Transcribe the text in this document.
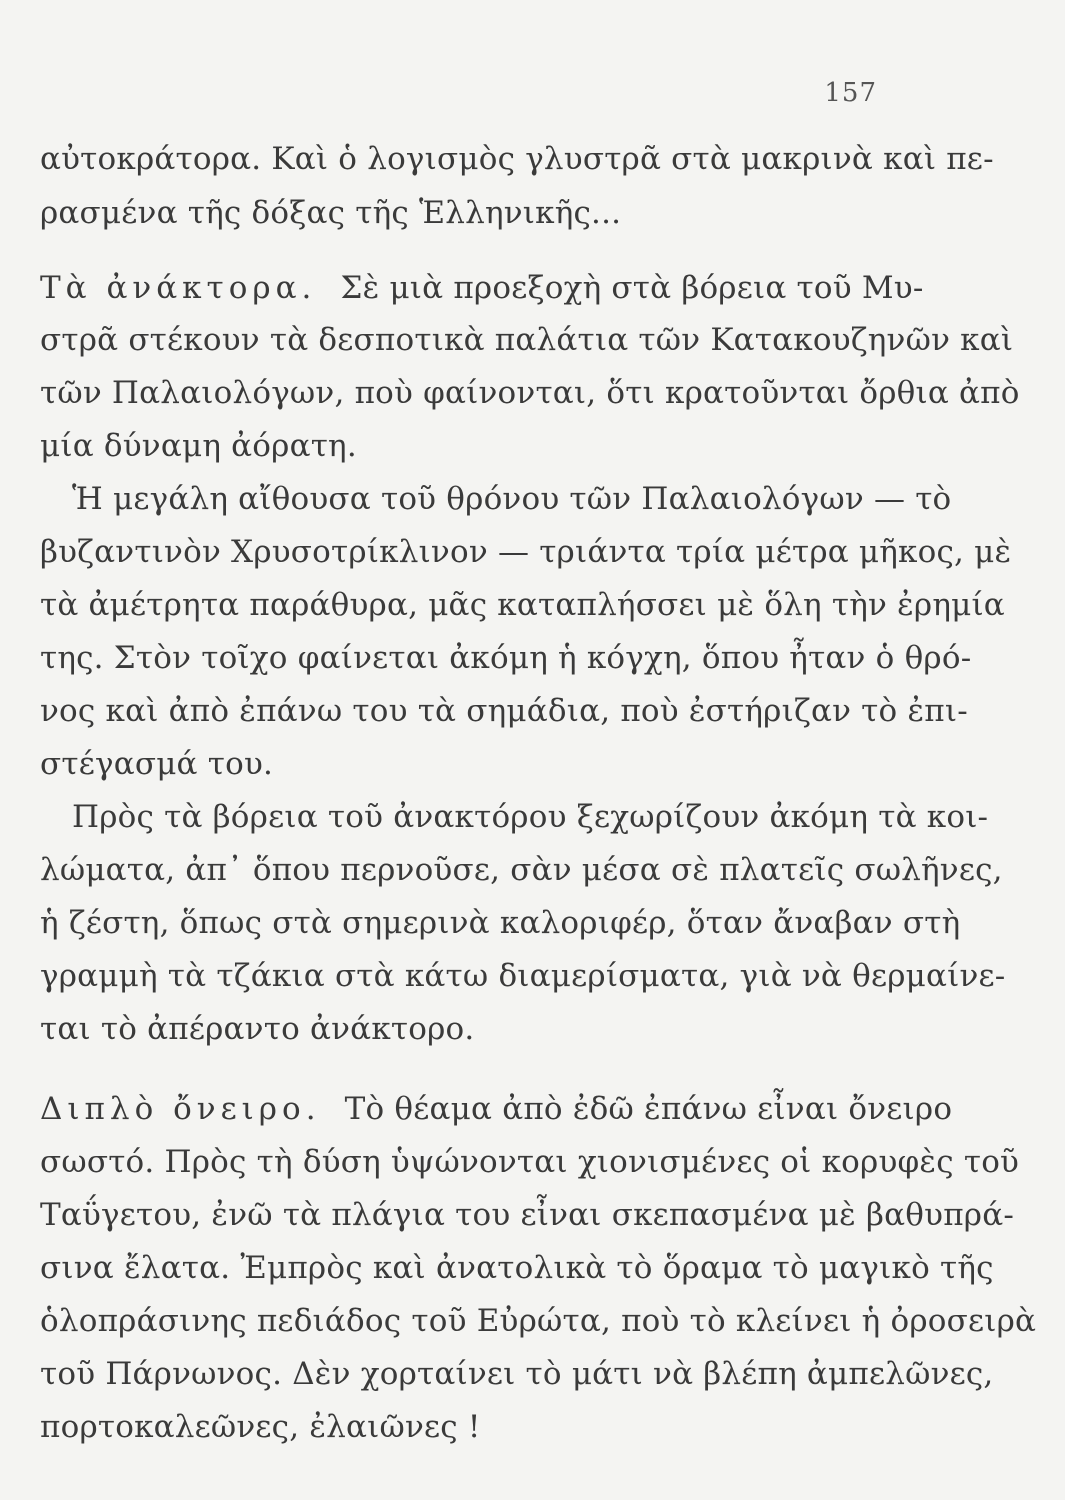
157
αὐτοκράτορα. Καὶ ὁ λογισμὸς γλυστρᾶ στὰ μακρινὰ καὶ πε-
ρασμένα τῆς δόξας τῆς Ἑλληνικῆς...
Τὰ ἀνάκτορα. Σὲ μιὰ προεξοχὴ στὰ βόρεια τοῦ Μυ-
στρᾶ στέκουν τὰ δεσποτικὰ παλάτια τῶν Κατακουζηνῶν καὶ
τῶν Παλαιολόγων, ποὺ φαίνονται, ὅτι κρατοῦνται ὄρθια ἀπὸ
μία δύναμη ἀόρατη.
Ἡ μεγάλη αἴθουσα τοῦ θρόνου τῶν Παλαιολόγων — τὸ
βυζαντινὸν Χρυσοτρίκλινον — τριάντα τρία μέτρα μῆκος, μὲ
τὰ ἀμέτρητα παράθυρα, μᾶς καταπλήσσει μὲ ὅλη τὴν ἐρημία
της. Στὸν τοῖχο φαίνεται ἀκόμη ἡ κόγχη, ὅπου ἦταν ὁ θρό-
νος καὶ ἀπὸ ἐπάνω του τὰ σημάδια, ποὺ ἐστήριζαν τὸ ἐπι-
στέγασμά του.
Πρὸς τὰ βόρεια τοῦ ἀνακτόρου ξεχωρίζουν ἀκόμη τὰ κοι-
λώματα, ἀπ᾽ ὅπου περνοῦσε, σὰν μέσα σὲ πλατεῖς σωλῆνες,
ἡ ζέστη, ὅπως στὰ σημερινὰ καλοριφέρ, ὅταν ἄναβαν στὴ
γραμμὴ τὰ τζάκια στὰ κάτω διαμερίσματα, γιὰ νὰ θερμαίνε-
ται τὸ ἀπέραντο ἀνάκτορο.
Διπλὸ ὄνειρο. Τὸ θέαμα ἀπὸ ἐδῶ ἐπάνω εἶναι ὄνειρο
σωστό. Πρὸς τὴ δύση ὑψώνονται χιονισμένες οἱ κορυφὲς τοῦ
Ταΰγετου, ἐνῶ τὰ πλάγια του εἶναι σκεπασμένα μὲ βαθυπρά-
σινα ἔλατα. Ἐμπρὸς καὶ ἀνατολικὰ τὸ ὅραμα τὸ μαγικὸ τῆς
ὁλοπράσινης πεδιάδος τοῦ Εὐρώτα, ποὺ τὸ κλείνει ἡ ὀροσειρὰ
τοῦ Πάρνωνος. Δὲν χορταίνει τὸ μάτι νὰ βλέπη ἀμπελῶνες,
πορτοκαλεῶνες, ἐλαιῶνες !
